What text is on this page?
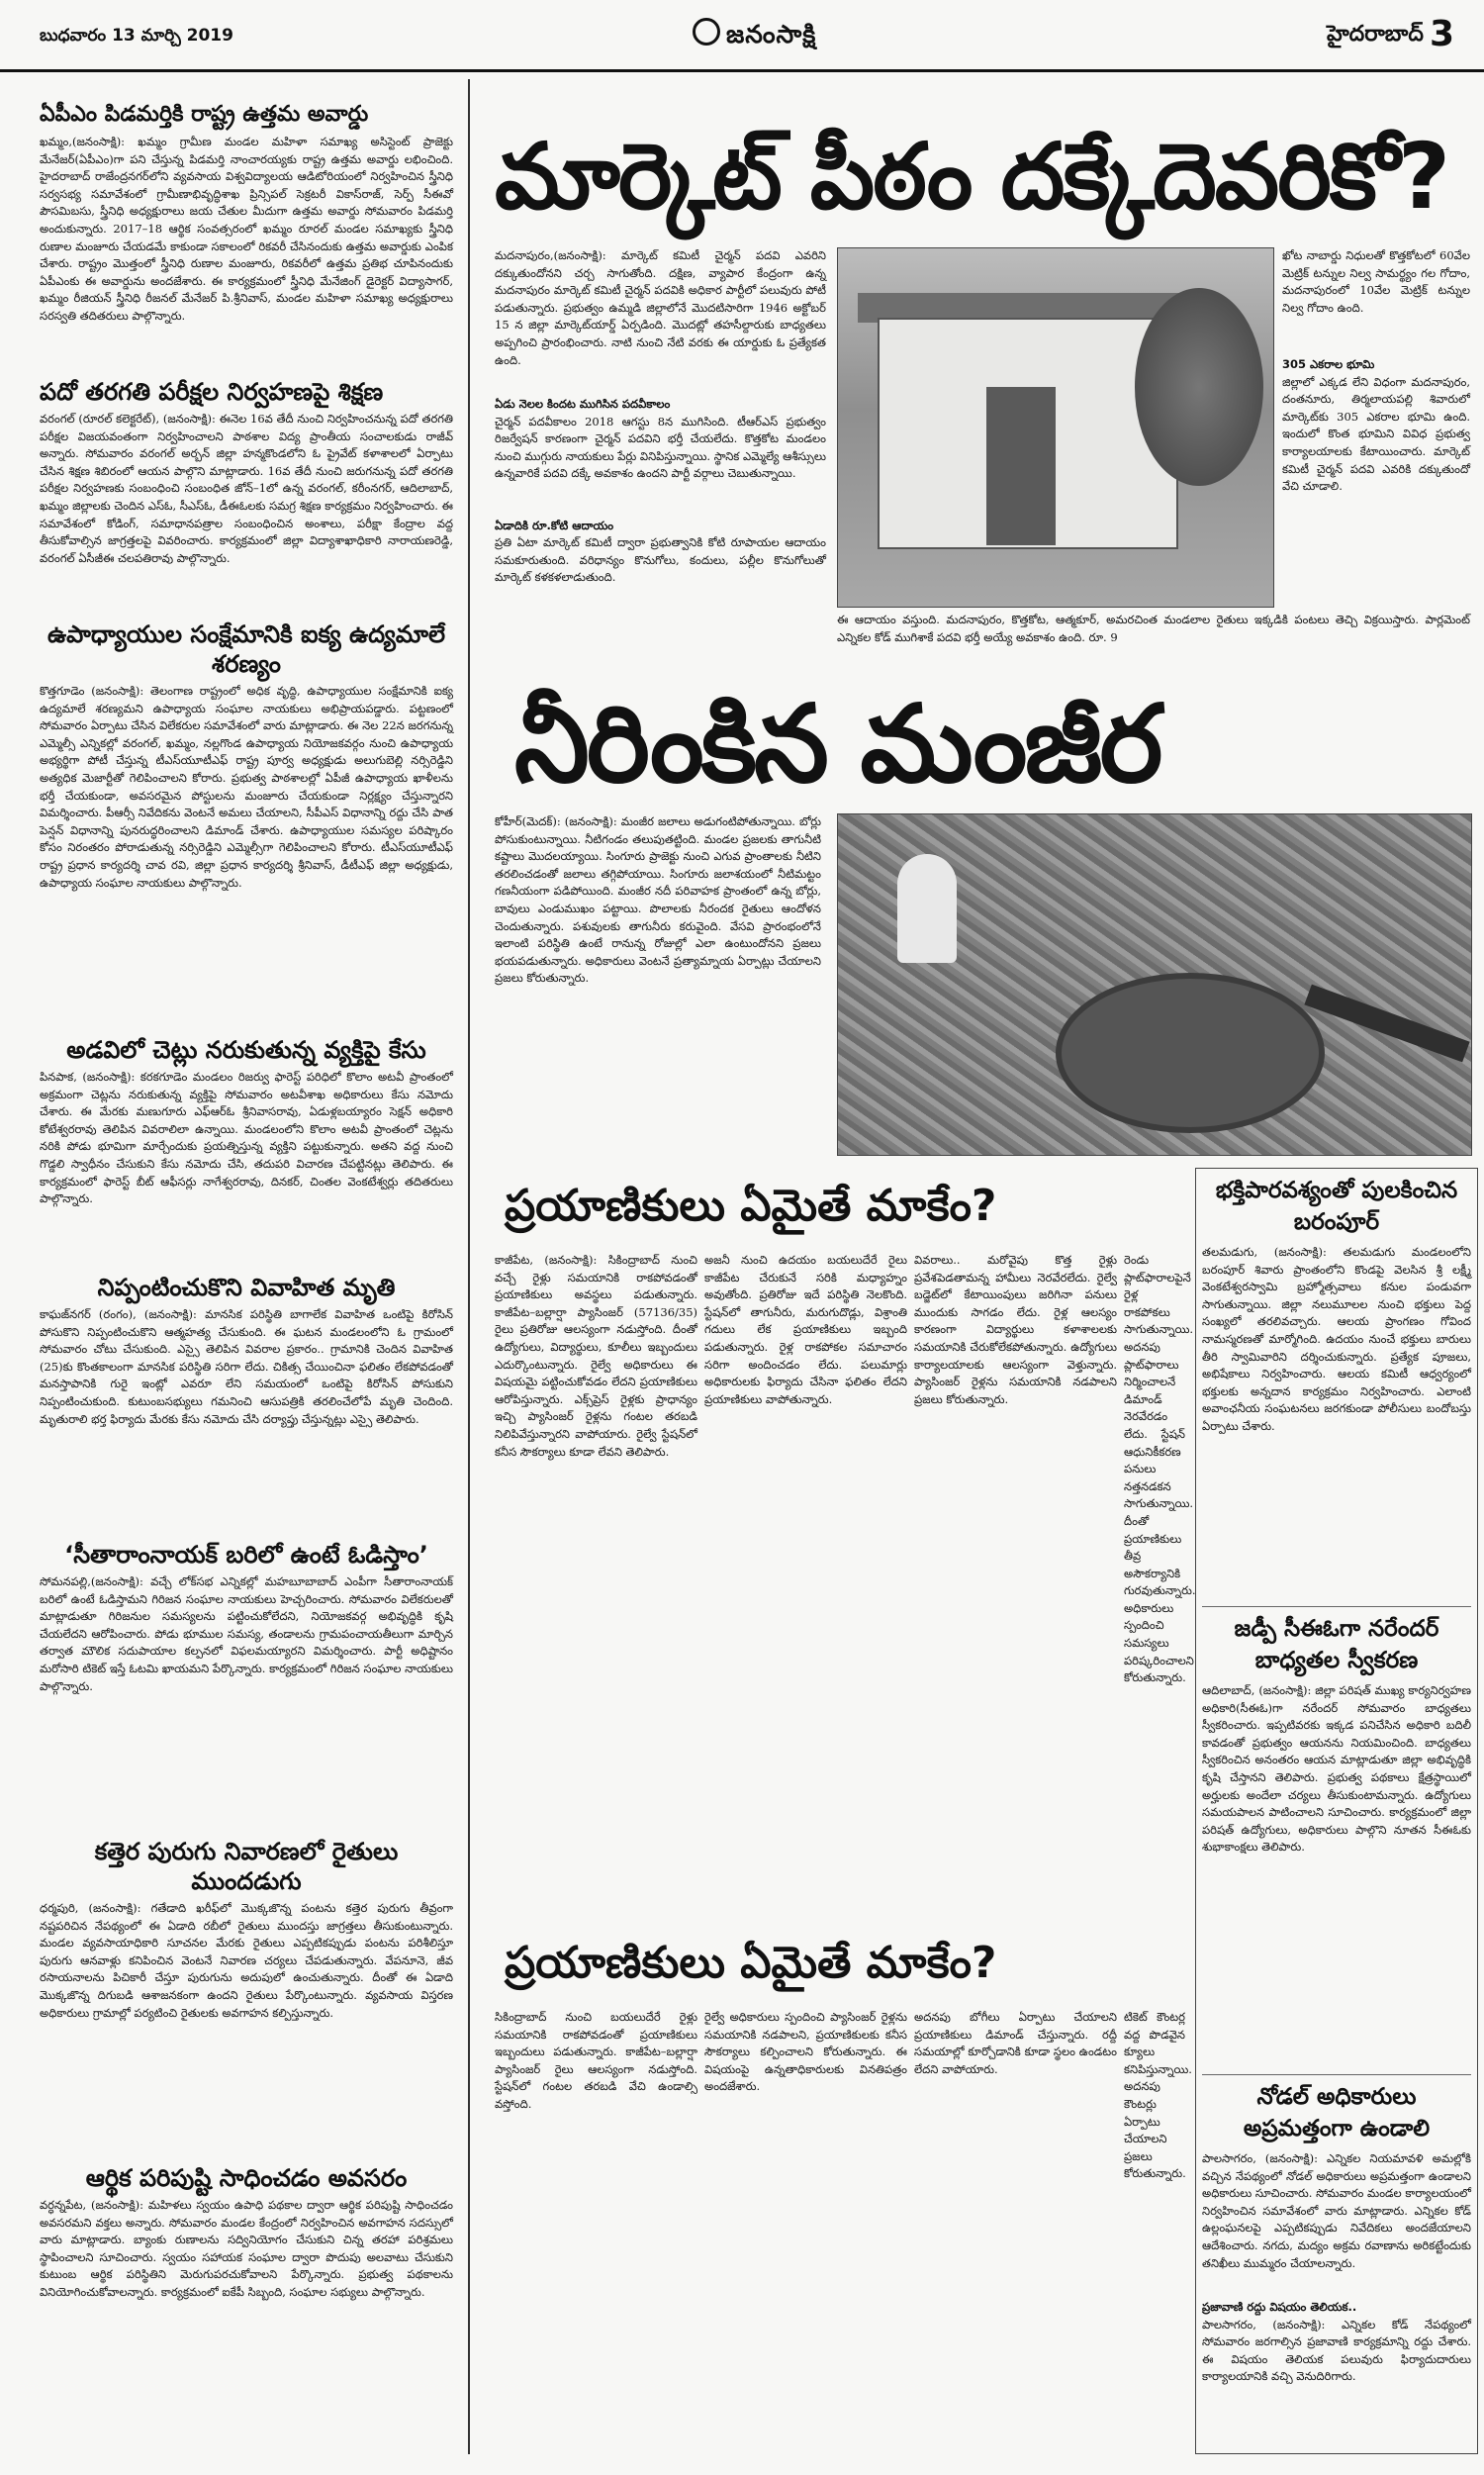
బుధవారం 13 మార్చి 2019	జనంసాక్షి	హైదరాబాద్ 3
ఏపీఎం పిడమర్తికి రాష్ట్ర ఉత్తమ అవార్డు
ఖమ్మం,(జనంసాక్షి): ఖమ్మం గ్రామీణ మండల మహిళా సమాఖ్య అసిస్టెంట్ ప్రాజెక్టు మేనేజర్(ఏపీఎం)గా పని చేస్తున్న పిడమర్తి నాంచారయ్యకు రాష్ట్ర ఉత్తమ అవార్డు లభించింది. హైదరాబాద్ రాజేంద్రనగర్‌లోని వ్యవసాయ విశ్వవిద్యాలయ ఆడిటోరియంలో నిర్వహించిన స్త్రీనిధి సర్వసభ్య సమావేశంలో గ్రామీణాభివృద్ధిశాఖ ప్రిన్సిపల్ సెక్రటరీ వికాస్‌రాజ్, సెర్ప్ సీఈవో పౌసమిబసు, స్త్రీనిధి అధ్యక్షురాలు జయ చేతుల మీదుగా ఉత్తమ అవార్డు సోమవారం పిడమర్తి అందుకున్నారు. 2017–18 ఆర్థిక సంవత్సరంలో ఖమ్మం రూరల్ మండల సమాఖ్యకు స్త్రీనిధి రుణాల మంజూరు చేయడమే కాకుండా సకాలంలో రికవరీ చేసినందుకు ఉత్తమ అవార్డుకు ఎంపిక చేశారు. రాష్ట్రం మొత్తంలో స్త్రీనిధి రుణాల మంజూరు, రికవరీలో ఉత్తమ ప్రతిభ చూపినందుకు ఏపీఎంకు ఈ అవార్డును అందజేశారు. ఈ కార్యక్రమంలో స్త్రీనిధి మేనేజింగ్ డైరెక్టర్ విద్యాసాగర్, ఖమ్మం రీజియన్ స్త్రీనిధి రీజనల్ మేనేజర్ పి.శ్రీనివాస్, మండల మహిళా సమాఖ్య అధ్యక్షురాలు సరస్వతి తదితరులు పాల్గొన్నారు.
పదో తరగతి పరీక్షల నిర్వహణపై శిక్షణ
వరంగల్ (రూరల్ కలెక్టరేట్), (జనంసాక్షి): ఈనెల 16వ తేదీ నుంచి నిర్వహించనున్న పదో తరగతి పరీక్షల విజయవంతంగా నిర్వహించాలని పాఠశాల విద్య ప్రాంతీయ సంచాలకుడు రాజీవ్ అన్నారు. సోమవారం వరంగల్ అర్బన్ జిల్లా హన్మకొండలోని ఓ ప్రైవేట్ కళాశాలలో ఏర్పాటు చేసిన శిక్షణ శిబిరంలో ఆయన పాల్గొని మాట్లాడారు. 16వ తేదీ నుంచి జరుగనున్న పదో తరగతి పరీక్షల నిర్వహణకు సంబంధించి సంబంధిత జోన్–1లో ఉన్న వరంగల్, కరీంనగర్, ఆదిలాబాద్, ఖమ్మం జిల్లాలకు చెందిన ఎస్‌ఓ, సీఎస్‌ఓ, డీఈఓలకు సమగ్ర శిక్షణ కార్యక్రమం నిర్వహించారు. ఈ సమావేశంలో కోడింగ్, సమాధానపత్రాల సంబంధించిన అంశాలు, పరీక్షా కేంద్రాల వద్ద తీసుకోవాల్సిన జాగ్రత్తలపై వివరించారు. కార్యక్రమంలో జిల్లా విద్యాశాఖాధికారి నారాయణరెడ్డి, వరంగల్ ఏసీజీఈ చలపతిరావు పాల్గొన్నారు.
ఉపాధ్యాయుల సంక్షేమానికి ఐక్య ఉద్యమాలే శరణ్యం
కొత్తగూడెం (జనంసాక్షి): తెలంగాణ రాష్ట్రంలో అధిక వృద్ధి, ఉపాధ్యాయుల సంక్షేమానికి ఐక్య ఉద్యమాలే శరణ్యమని ఉపాధ్యాయ సంఘాల నాయకులు అభిప్రాయపడ్డారు. పట్టణంలో సోమవారం ఏర్పాటు చేసిన విలేకరుల సమావేశంలో వారు మాట్లాడారు. ఈ నెల 22న జరగనున్న ఎమ్మెల్సీ ఎన్నికల్లో వరంగల్, ఖమ్మం, నల్లగొండ ఉపాధ్యాయ నియోజకవర్గం నుంచి ఉపాధ్యాయ అభ్యర్థిగా పోటీ చేస్తున్న టీఎస్‌యూటీఎఫ్ రాష్ట్ర పూర్వ అధ్యక్షుడు అలుగుబెల్లి నర్సిరెడ్డిని అత్యధిక మెజార్టీతో గెలిపించాలని కోరారు. ప్రభుత్వ పాఠశాలల్లో ఏపీజీ ఉపాధ్యాయ ఖాళీలను భర్తీ చేయకుండా, అవసరమైన పోస్టులను మంజూరు చేయకుండా నిర్లక్ష్యం చేస్తున్నారని విమర్శించారు. పీఆర్సీ నివేదికను వెంటనే అమలు చేయాలని, సీపీఎస్ విధానాన్ని రద్దు చేసి పాత పెన్షన్ విధానాన్ని పునరుద్ధరించాలని డిమాండ్ చేశారు. ఉపాధ్యాయుల సమస్యల పరిష్కారం కోసం నిరంతరం పోరాడుతున్న నర్సిరెడ్డిని ఎమ్మెల్సీగా గెలిపించాలని కోరారు. టీఎస్‌యూటీఎఫ్ రాష్ట్ర ప్రధాన కార్యదర్శి చావ రవి, జిల్లా ప్రధాన కార్యదర్శి శ్రీనివాస్, డీటీఎఫ్ జిల్లా అధ్యక్షుడు, ఉపాధ్యాయ సంఘాల నాయకులు పాల్గొన్నారు.
అడవిలో చెట్లు నరుకుతున్న వ్యక్తిపై కేసు
పినపాక, (జనంసాక్షి): కరకగూడెం మండలం రిజర్వు ఫారెస్ట్ పరిధిలో కొలాం అటవీ ప్రాంతంలో అక్రమంగా చెట్లను నరుకుతున్న వ్యక్తిపై సోమవారం అటవీశాఖ అధికారులు కేసు నమోదు చేశారు. ఈ మేరకు మణుగూరు ఎఫ్‌ఆర్‌ఓ శ్రీనివాసరావు, ఏడుళ్లబయ్యారం సెక్షన్ అధికారి కోటేశ్వరరావు తెలిపిన వివరాలిలా ఉన్నాయి. మండలంలోని కొలాం అటవీ ప్రాంతంలో చెట్లను నరికి పోడు భూమిగా మార్చేందుకు ప్రయత్నిస్తున్న వ్యక్తిని పట్టుకున్నారు. అతని వద్ద నుంచి గొడ్డలి స్వాధీనం చేసుకుని కేసు నమోదు చేసి, తదుపరి విచారణ చేపట్టినట్లు తెలిపారు. ఈ కార్యక్రమంలో ఫారెస్ట్ బీట్ ఆఫీసర్లు నాగేశ్వరరావు, దినకర్, చింతల వెంకటేశ్వర్లు తదితరులు పాల్గొన్నారు.
నిప్పంటించుకొని వివాహిత మృతి
కాఘజ్‌నగర్ (రంగం), (జనంసాక్షి): మానసిక పరిస్థితి బాగాలేక వివాహిత ఒంటిపై కిరోసిన్ పోసుకొని నిప్పంటించుకొని ఆత్మహత్య చేసుకుంది. ఈ ఘటన మండలంలోని ఓ గ్రామంలో సోమవారం చోటు చేసుకుంది. ఎస్సై తెలిపిన వివరాల ప్రకారం.. గ్రామానికి చెందిన వివాహిత (25)కు కొంతకాలంగా మానసిక పరిస్థితి సరిగా లేదు. చికిత్స చేయించినా ఫలితం లేకపోవడంతో మనస్తాపానికి గురై ఇంట్లో ఎవరూ లేని సమయంలో ఒంటిపై కిరోసిన్ పోసుకుని నిప్పంటించుకుంది. కుటుంబసభ్యులు గమనించి ఆసుపత్రికి తరలించేలోపే మృతి చెందింది. మృతురాలి భర్త ఫిర్యాదు మేరకు కేసు నమోదు చేసి దర్యాప్తు చేస్తున్నట్లు ఎస్సై తెలిపారు.
‘సీతారాంనాయక్ బరిలో ఉంటే ఓడిస్తాం’
సోమనపల్లి,(జనంసాక్షి): వచ్చే లోక్‌సభ ఎన్నికల్లో మహబూబాబాద్ ఎంపీగా సీతారాంనాయక్ బరిలో ఉంటే ఓడిస్తామని గిరిజన సంఘాల నాయకులు హెచ్చరించారు. సోమవారం విలేకరులతో మాట్లాడుతూ గిరిజనుల సమస్యలను పట్టించుకోలేదని, నియోజకవర్గ అభివృద్ధికి కృషి చేయలేదని ఆరోపించారు. పోడు భూముల సమస్య, తండాలను గ్రామపంచాయతీలుగా మార్చిన తర్వాత మౌలిక సదుపాయాల కల్పనలో విఫలమయ్యారని విమర్శించారు. పార్టీ అధిష్టానం మరోసారి టికెట్ ఇస్తే ఓటమి ఖాయమని పేర్కొన్నారు. కార్యక్రమంలో గిరిజన సంఘాల నాయకులు పాల్గొన్నారు.
కత్తెర పురుగు నివారణలో రైతులు ముందడుగు
ధర్మపురి, (జనంసాక్షి): గతేడాది ఖరీఫ్‌లో మొక్కజొన్న పంటను కత్తెర పురుగు తీవ్రంగా నష్టపరిచిన నేపథ్యంలో ఈ ఏడాది రబీలో రైతులు ముందస్తు జాగ్రత్తలు తీసుకుంటున్నారు. మండల వ్యవసాయాధికారి సూచనల మేరకు రైతులు ఎప్పటికప్పుడు పంటను పరిశీలిస్తూ పురుగు ఆనవాళ్లు కనిపించిన వెంటనే నివారణ చర్యలు చేపడుతున్నారు. వేపనూనె, జీవ రసాయనాలను పిచికారీ చేస్తూ పురుగును అదుపులో ఉంచుతున్నారు. దీంతో ఈ ఏడాది మొక్కజొన్న దిగుబడి ఆశాజనకంగా ఉందని రైతులు పేర్కొంటున్నారు. వ్యవసాయ విస్తరణ అధికారులు గ్రామాల్లో పర్యటించి రైతులకు అవగాహన కల్పిస్తున్నారు.
ఆర్థిక పరిపుష్టి సాధించడం అవసరం
వర్ధన్నపేట, (జనంసాక్షి): మహిళలు స్వయం ఉపాధి పథకాల ద్వారా ఆర్థిక పరిపుష్టి సాధించడం అవసరమని వక్తలు అన్నారు. సోమవారం మండల కేంద్రంలో నిర్వహించిన అవగాహన సదస్సులో వారు మాట్లాడారు. బ్యాంకు రుణాలను సద్వినియోగం చేసుకుని చిన్న తరహా పరిశ్రమలు స్థాపించాలని సూచించారు. స్వయం సహాయక సంఘాల ద్వారా పొదుపు అలవాటు చేసుకుని కుటుంబ ఆర్థిక పరిస్థితిని మెరుగుపరచుకోవాలని పేర్కొన్నారు. ప్రభుత్వ పథకాలను వినియోగించుకోవాలన్నారు. కార్యక్రమంలో ఐకేపీ సిబ్బంది, సంఘాల సభ్యులు పాల్గొన్నారు.
మార్కెట్ పీఠం దక్కేదెవరికో?
మదనాపురం,(జనంసాక్షి): మార్కెట్ కమిటీ చైర్మన్ పదవి ఎవరిని దక్కుతుందోనని చర్చ సాగుతోంది. దక్షిణ, వ్యాపార కేంద్రంగా ఉన్న మదనాపురం మార్కెట్ కమిటీ చైర్మన్ పదవికి అధికార పార్టీలో పలువురు పోటీ పడుతున్నారు. ప్రభుత్వం ఉమ్మడి జిల్లాలోనే మొదటిసారిగా 1946 అక్టోబర్ 15 న జిల్లా మార్కెట్‌యార్డ్ ఏర్పడింది. మొదట్లో తహసీల్దారుకు బాధ్యతలు అప్పగించి ప్రారంభించారు. నాటి నుంచి నేటి వరకు ఈ యార్డుకు ఓ ప్రత్యేకత ఉంది.
ఏడు నెలల కిందట ముగిసిన పదవీకాలం
చైర్మన్ పదవీకాలం 2018 ఆగస్టు 8న ముగిసింది. టీఆర్ఎస్ ప్రభుత్వం రిజర్వేషన్ కారణంగా చైర్మన్ పదవిని భర్తీ చేయలేదు. కొత్తకోట మండలం నుంచి ముగ్గురు నాయకులు పేర్లు వినిపిస్తున్నాయి. స్థానిక ఎమ్మెల్యే ఆశీస్సులు ఉన్నవారికే పదవి దక్కే అవకాశం ఉందని పార్టీ వర్గాలు చెబుతున్నాయి.
ఏడాదికి రూ.కోటి ఆదాయం
ప్రతి ఏటా మార్కెట్ కమిటీ ద్వారా ప్రభుత్వానికి కోటి రూపాయల ఆదాయం సమకూరుతుంది. వరిధాన్యం కొనుగోలు, కందులు, పల్లీల కొనుగోలుతో మార్కెట్ కళకళలాడుతుంది.
ఖోట నాబార్డు నిధులతో కొత్తకోటలో 60వేల మెట్రిక్ టన్నుల నిల్వ సామర్థ్యం గల గోదాం, మదనాపురంలో 10వేల మెట్రిక్ టన్నుల నిల్వ గోదాం ఉంది.
305 ఎకరాల భూమి
జిల్లాలో ఎక్కడ లేని విధంగా మదనాపురం, దంతనూరు, తిర్మలాయపల్లి శివారులో మార్కెట్‌కు 305 ఎకరాల భూమి ఉంది. ఇందులో కొంత భూమిని వివిధ ప్రభుత్వ కార్యాలయాలకు కేటాయించారు. మార్కెట్ కమిటీ చైర్మన్ పదవి ఎవరికి దక్కుతుందో వేచి చూడాలి.
ఈ ఆదాయం వస్తుంది. మదనాపురం, కొత్తకోట, ఆత్మకూర్, అమరచింత మండలాల రైతులు ఇక్కడికి పంటలు తెచ్చి విక్రయిస్తారు. పార్లమెంట్ ఎన్నికల కోడ్ ముగిశాకే పదవి భర్తీ అయ్యే అవకాశం ఉంది. రూ. 9
నీరింకిన మంజీర
కోహీర్(మెదక్): (జనంసాక్షి): మంజీర జలాలు అడుగంటిపోతున్నాయి. బోర్లు పోసుకుంటున్నాయి. నీటిగండం తలుపుతట్టింది. మండల ప్రజలకు తాగునీటి కష్టాలు మొదలయ్యాయి. సింగూరు ప్రాజెక్టు నుంచి ఎగువ ప్రాంతాలకు నీటిని తరలించడంతో జలాలు తగ్గిపోయాయి. సింగూరు జలాశయంలో నీటిమట్టం గణనీయంగా పడిపోయింది. మంజీర నదీ పరివాహక ప్రాంతంలో ఉన్న బోర్లు, బావులు ఎండుముఖం పట్టాయి. పొలాలకు నీరందక రైతులు ఆందోళన చెందుతున్నారు. పశువులకు తాగునీరు కరువైంది. వేసవి ప్రారంభంలోనే ఇలాంటి పరిస్థితి ఉంటే రానున్న రోజుల్లో ఎలా ఉంటుందోనని ప్రజలు భయపడుతున్నారు. అధికారులు వెంటనే ప్రత్యామ్నాయ ఏర్పాట్లు చేయాలని ప్రజలు కోరుతున్నారు.
ప్రయాణికులు ఏమైతే మాకేం?
కాజీపేట, (జనంసాక్షి): సికింద్రాబాద్ నుంచి వచ్చే రైళ్లు సమయానికి రాకపోవడంతో ప్రయాణికులు అవస్థలు పడుతున్నారు. కాజీపేట–బల్లార్షా ప్యాసింజర్ (57136/35) రైలు ప్రతిరోజు ఆలస్యంగా నడుస్తోంది. దీంతో ఉద్యోగులు, విద్యార్థులు, కూలీలు ఇబ్బందులు ఎదుర్కొంటున్నారు. రైల్వే అధికారులు ఈ విషయమై పట్టించుకోవడం లేదని ప్రయాణికులు ఆరోపిస్తున్నారు. ఎక్స్‌ప్రెస్ రైళ్లకు ప్రాధాన్యం ఇచ్చి ప్యాసింజర్ రైళ్లను గంటల తరబడి నిలిపివేస్తున్నారని వాపోయారు. రైల్వే స్టేషన్‌లో కనీస సౌకర్యాలు కూడా లేవని తెలిపారు.
అజనీ నుంచి ఉదయం బయలుదేరే రైలు కాజీపేట చేరుకునే సరికి మధ్యాహ్నం అవుతోంది. ప్రతిరోజు ఇదే పరిస్థితి నెలకొంది. స్టేషన్‌లో తాగునీరు, మరుగుదొడ్లు, విశ్రాంతి గదులు లేక ప్రయాణికులు ఇబ్బంది పడుతున్నారు. రైళ్ల రాకపోకల సమాచారం సరిగా అందించడం లేదు. పలుమార్లు అధికారులకు ఫిర్యాదు చేసినా ఫలితం లేదని ప్రయాణికులు వాపోతున్నారు.
వివరాలు.. మరోవైపు కొత్త రైళ్లు ప్రవేశపెడతామన్న హామీలు నెరవేరలేదు. రైల్వే బడ్జెట్‌లో కేటాయింపులు జరిగినా పనులు ముందుకు సాగడం లేదు. రైళ్ల ఆలస్యం కారణంగా విద్యార్థులు కళాశాలలకు సమయానికి చేరుకోలేకపోతున్నారు. ఉద్యోగులు కార్యాలయాలకు ఆలస్యంగా వెళ్తున్నారు. ప్యాసింజర్ రైళ్లను సమయానికి నడపాలని ప్రజలు కోరుతున్నారు.
రెండు ప్లాట్‌ఫారాలపైనే రైళ్ల రాకపోకలు సాగుతున్నాయి. అదనపు ప్లాట్‌ఫారాలు నిర్మించాలనే డిమాండ్ నెరవేరడం లేదు. స్టేషన్ ఆధునికీకరణ పనులు నత్తనడకన సాగుతున్నాయి. దీంతో ప్రయాణికులు తీవ్ర అసౌకర్యానికి గురవుతున్నారు. అధికారులు స్పందించి సమస్యలు పరిష్కరించాలని కోరుతున్నారు.
ప్రయాణికులు ఏమైతే మాకేం?
సికింద్రాబాద్ నుంచి బయలుదేరే రైళ్లు సమయానికి రాకపోవడంతో ప్రయాణికులు ఇబ్బందులు పడుతున్నారు. కాజీపేట–బల్లార్షా ప్యాసింజర్ రైలు ఆలస్యంగా నడుస్తోంది. స్టేషన్‌లో గంటల తరబడి వేచి ఉండాల్సి వస్తోంది.
రైల్వే అధికారులు స్పందించి ప్యాసింజర్ రైళ్లను సమయానికి నడపాలని, ప్రయాణికులకు కనీస సౌకర్యాలు కల్పించాలని కోరుతున్నారు. ఈ విషయంపై ఉన్నతాధికారులకు వినతిపత్రం అందజేశారు.
అదనపు బోగీలు ఏర్పాటు చేయాలని ప్రయాణికులు డిమాండ్ చేస్తున్నారు. రద్దీ సమయాల్లో కూర్చోడానికి కూడా స్థలం ఉండటం లేదని వాపోయారు.
టికెట్ కౌంటర్ల వద్ద పొడవైన క్యూలు కనిపిస్తున్నాయి. అదనపు కౌంటర్లు ఏర్పాటు చేయాలని ప్రజలు కోరుతున్నారు.
భక్తిపారవశ్యంతో పులకించిన బరంపూర్
తలమడుగు, (జనంసాక్షి): తలమడుగు మండలంలోని బరంపూర్ శివారు ప్రాంతంలోని కొండపై వెలసిన శ్రీ లక్ష్మీ వెంకటేశ్వరస్వామి బ్రహ్మోత్సవాలు కనుల పండువగా సాగుతున్నాయి. జిల్లా నలుమూలల నుంచి భక్తులు పెద్ద సంఖ్యలో తరలివచ్చారు. ఆలయ ప్రాంగణం గోవింద నామస్మరణతో మార్మోగింది. ఉదయం నుంచే భక్తులు బారులు తీరి స్వామివారిని దర్శించుకున్నారు. ప్రత్యేక పూజలు, అభిషేకాలు నిర్వహించారు. ఆలయ కమిటీ ఆధ్వర్యంలో భక్తులకు అన్నదాన కార్యక్రమం నిర్వహించారు. ఎలాంటి అవాంఛనీయ సంఘటనలు జరగకుండా పోలీసులు బందోబస్తు ఏర్పాటు చేశారు.
జడ్పీ సీఈఓగా నరేందర్ బాధ్యతల స్వీకరణ
ఆదిలాబాద్, (జనంసాక్షి): జిల్లా పరిషత్ ముఖ్య కార్యనిర్వహణ అధికారి(సీఈఓ)గా నరేందర్ సోమవారం బాధ్యతలు స్వీకరించారు. ఇప్పటివరకు ఇక్కడ పనిచేసిన అధికారి బదిలీ కావడంతో ప్రభుత్వం ఆయనను నియమించింది. బాధ్యతలు స్వీకరించిన అనంతరం ఆయన మాట్లాడుతూ జిల్లా అభివృద్ధికి కృషి చేస్తానని తెలిపారు. ప్రభుత్వ పథకాలు క్షేత్రస్థాయిలో అర్హులకు అందేలా చర్యలు తీసుకుంటామన్నారు. ఉద్యోగులు సమయపాలన పాటించాలని సూచించారు. కార్యక్రమంలో జిల్లా పరిషత్ ఉద్యోగులు, అధికారులు పాల్గొని నూతన సీఈఓకు శుభాకాంక్షలు తెలిపారు.
నోడల్ అధికారులు అప్రమత్తంగా ఉండాలి
పాలసాగరం, (జనంసాక్షి): ఎన్నికల నియమావళి అమల్లోకి వచ్చిన నేపథ్యంలో నోడల్ అధికారులు అప్రమత్తంగా ఉండాలని అధికారులు సూచించారు. సోమవారం మండల కార్యాలయంలో నిర్వహించిన సమావేశంలో వారు మాట్లాడారు. ఎన్నికల కోడ్ ఉల్లంఘనలపై ఎప్పటికప్పుడు నివేదికలు అందజేయాలని ఆదేశించారు. నగదు, మద్యం అక్రమ రవాణాను అరికట్టేందుకు తనిఖీలు ముమ్మరం చేయాలన్నారు.
ప్రజావాణి రద్దు విషయం తెలియక..
పాలసాగరం, (జనంసాక్షి): ఎన్నికల కోడ్ నేపథ్యంలో సోమవారం జరగాల్సిన ప్రజావాణి కార్యక్రమాన్ని రద్దు చేశారు. ఈ విషయం తెలియక పలువురు ఫిర్యాదుదారులు కార్యాలయానికి వచ్చి వెనుదిరిగారు.
